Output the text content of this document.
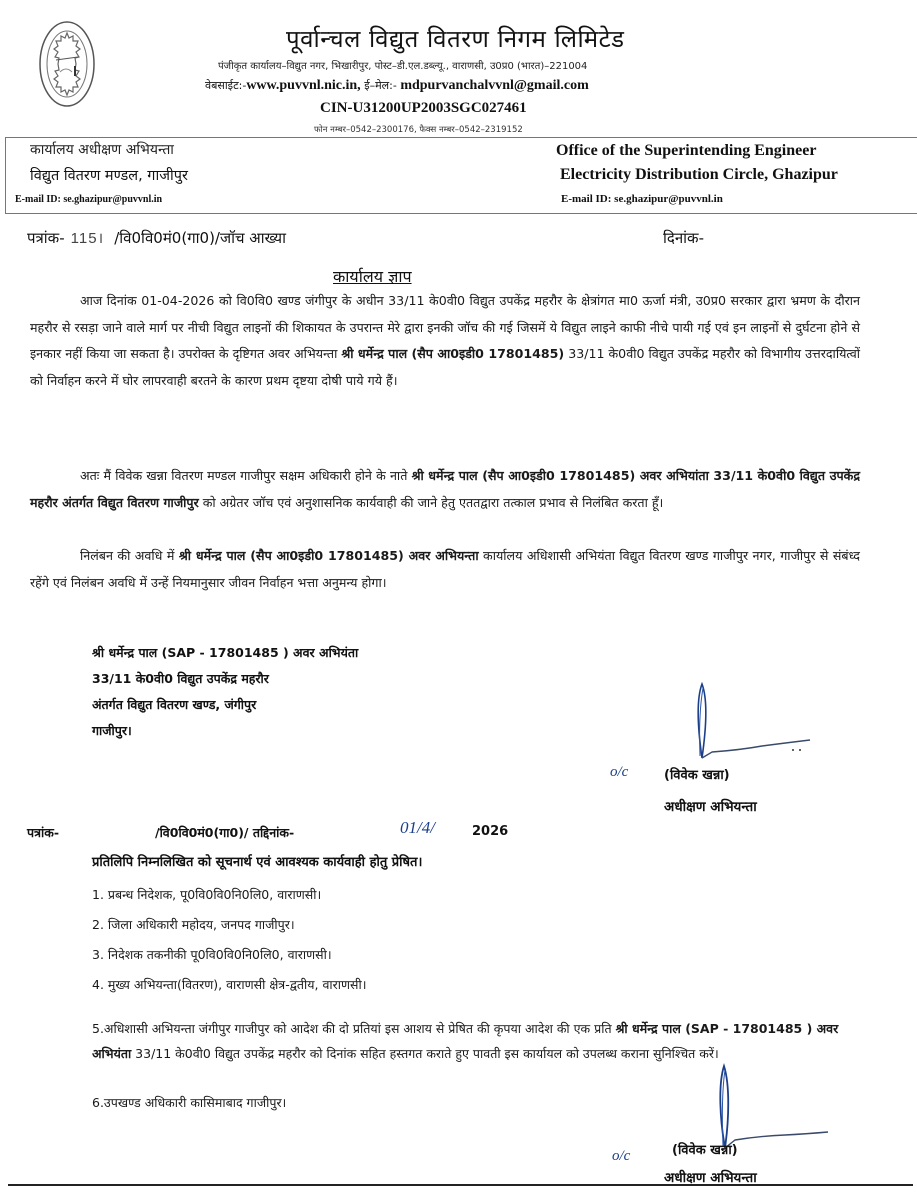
पूर्वान्चल विद्युत वितरण निगम लिमिटेड
पंजीकृत कार्यालय–विद्युत नगर, भिखारीपुर, पोस्ट–डी.एल.डब्ल्यू., वाराणसी, उ0प्र0 (भारत)–221004
वेबसाईट:-www.puvvnl.nic.in, ई–मेल:- mdpurvanchalvvnl@gmail.com
CIN-U31200UP2003SGC027461
फोन नम्बर–0542–2300176, फैक्स नम्बर–0542–2319152
कार्यालय अधीक्षण अभियन्ता
विद्युत वितरण मण्डल, गाजीपुर
E-mail ID: se.ghazipur@puvvnl.in
Office of the Superintending Engineer
Electricity Distribution Circle, Ghazipur
E-mail ID: se.ghazipur@puvvnl.in
पत्रांक- 115। /वि0वि0मं0(गा0)/जॉच आख्या	दिनांक-
कार्यालय ज्ञाप
आज दिनांक 01-04-2026 को वि0वि0 खण्ड जंगीपुर के अधीन 33/11 के0वी0 विद्युत उपकेंद्र महरौर के क्षेत्रांगत मा0 ऊर्जा मंत्री, उ0प्र0 सरकार द्वारा भ्रमण के दौरान महरौर से रसड़ा जाने वाले मार्ग पर नीची विद्युत लाइनों की शिकायत के उपरान्त मेरे द्वारा इनकी जॉच की गई जिसमें ये विद्युत लाइने काफी नीचे पायी गई एवं इन लाइनों से दुर्घटना होने से इनकार नहीं किया जा सकता है। उपरोक्त के दृष्टिगत अवर अभियन्ता श्री धर्मेन्द्र पाल (सैप आ0इडी0 17801485) 33/11 के0वी0 विद्युत उपकेंद्र महरौर को विभागीय उत्तरदायित्वों को निर्वाहन करने में घोर लापरवाही बरतने के कारण प्रथम दृष्टया दोषी पाये गये हैं।
अतः मैं विवेक खन्ना वितरण मण्डल गाजीपुर सक्षम अधिकारी होने के नाते श्री धर्मेन्द्र पाल (सैप आ0इडी0 17801485) अवर अभियांता 33/11 के0वी0 विद्युत उपकेंद्र महरौर अंतर्गत विद्युत वितरण गाजीपुर को अग्रेतर जॉच एवं अनुशासनिक कार्यवाही की जाने हेतु एततद्वारा तत्काल प्रभाव से निलंबित करता हूँ।
निलंबन की अवधि में श्री धर्मेन्द्र पाल (सैप आ0इडी0 17801485) अवर अभियन्ता कार्यालय अधिशासी अभियंता विद्युत वितरण खण्ड गाजीपुर नगर, गाजीपुर से संबंध्द रहेंगे एवं निलंबन अवधि में उन्हें नियमानुसार जीवन निर्वाहन भत्ता अनुमन्य होगा।
श्री धर्मेन्द्र पाल (SAP - 17801485 ) अवर अभियंता
33/11 के0वी0 विद्युत उपकेंद्र महरौर
अंतर्गत विद्युत वितरण खण्ड, जंगीपुर
गाजीपुर।
o/c	(विवेक खन्ना)
अधीक्षण अभियन्ता
पत्रांक-	/वि0वि0मं0(गा0)/ तद्दिनांक-	01/4/	2026
प्रतिलिपि निम्नलिखित को सूचनार्थ एवं आवश्यक कार्यवाही होतु प्रेषित।
1. प्रबन्ध निदेशक, पू0वि0वि0नि0लि0, वाराणसी।
2. जिला अधिकारी महोदय, जनपद गाजीपुर।
3. निदेशक तकनीकी पू0वि0वि0नि0लि0, वाराणसी।
4. मुख्य अभियन्ता(वितरण), वाराणसी क्षेत्र-द्वतीय, वाराणसी।
5.अधिशासी अभियन्ता जंगीपुर गाजीपुर को आदेश की दो प्रतियां इस आशय से प्रेषित की कृपया आदेश की एक प्रति श्री धर्मेन्द्र पाल (SAP - 17801485 ) अवर अभियंता 33/11 के0वी0 विद्युत उपकेंद्र महरौर को दिनांक सहित हस्तगत कराते हुए पावती इस कार्यायल को उपलब्ध कराना सुनिश्चित करें।
6.उपखण्ड अधिकारी कासिमाबाद गाजीपुर।
o/c	(विवेक खन्ना)
अधीक्षण अभियन्ता
